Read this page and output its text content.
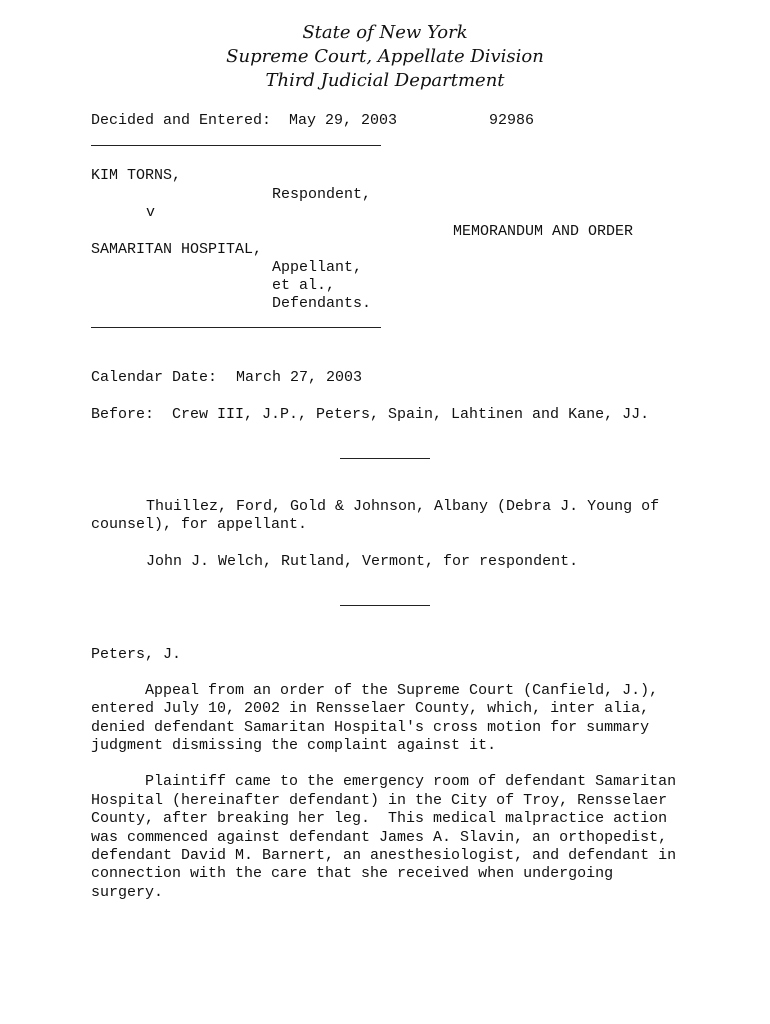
State of New York
Supreme Court, Appellate Division
Third Judicial Department
Decided and Entered: May 29, 2003	92986
KIM TORNS,
Respondent,
v
MEMORANDUM AND ORDER
SAMARITAN HOSPITAL,
Appellant,
et al.,
Defendants.
Calendar Date: March 27, 2003
Before: Crew III, J.P., Peters, Spain, Lahtinen and Kane, JJ.
Thuillez, Ford, Gold & Johnson, Albany (Debra J. Young of
counsel), for appellant.
John J. Welch, Rutland, Vermont, for respondent.
Peters, J.
Appeal from an order of the Supreme Court (Canfield, J.),
entered July 10, 2002 in Rensselaer County, which, inter alia,
denied defendant Samaritan Hospital's cross motion for summary
judgment dismissing the complaint against it.
Plaintiff came to the emergency room of defendant Samaritan
Hospital (hereinafter defendant) in the City of Troy, Rensselaer
County, after breaking her leg.  This medical malpractice action
was commenced against defendant James A. Slavin, an orthopedist,
defendant David M. Barnert, an anesthesiologist, and defendant in
connection with the care that she received when undergoing
surgery.
